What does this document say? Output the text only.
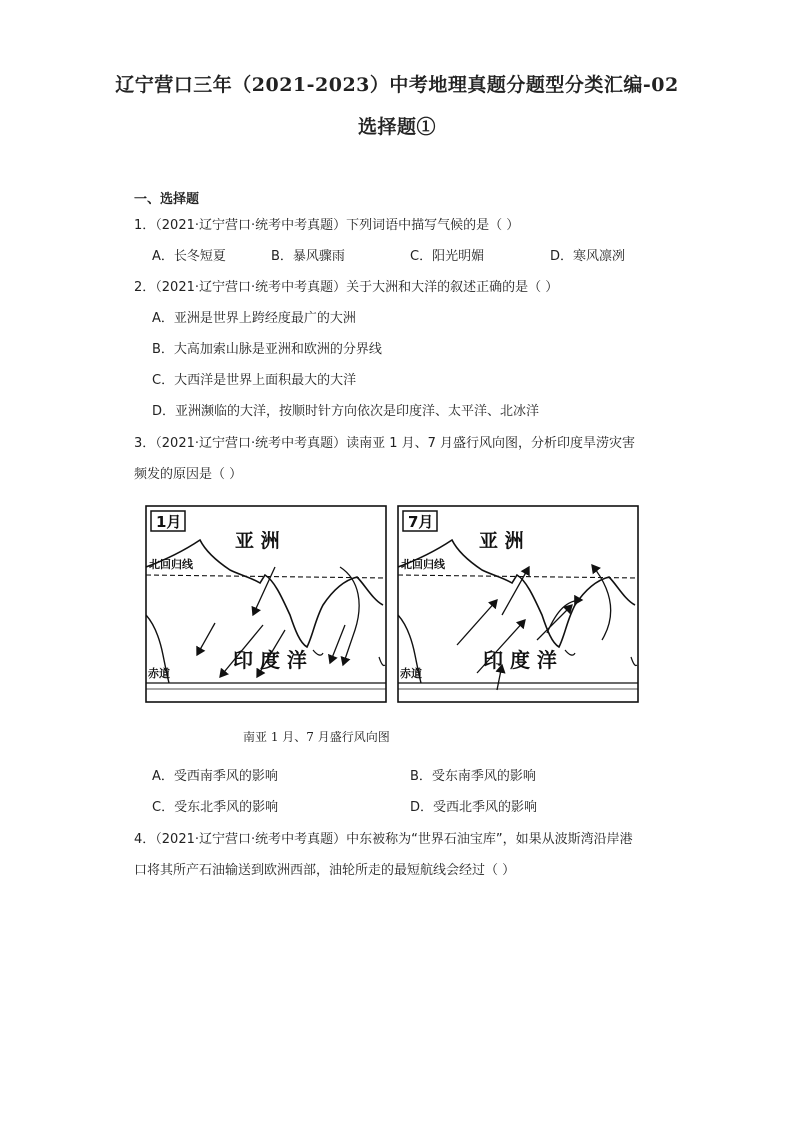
辽宁营口三年（2021-2023）中考地理真题分题型分类汇编-02
选择题①
一、选择题
1．（2021·辽宁营口·统考中考真题）下列词语中描写气候的是（ ）
A．长冬短夏	B．暴风骤雨	C．阳光明媚	D．寒风凛冽
2．（2021·辽宁营口·统考中考真题）关于大洲和大洋的叙述正确的是（ ）
A．亚洲是世界上跨经度最广的大洲
B．大高加索山脉是亚洲和欧洲的分界线
C．大西洋是世界上面积最大的大洋
D．亚洲濒临的大洋，按顺时针方向依次是印度洋、太平洋、北冰洋
3．（2021·辽宁营口·统考中考真题）读南亚 1 月、7 月盛行风向图，分析印度旱涝灾害
频发的原因是（ ）
1月
亚 洲
北回归线
赤道
印 度 洋
7月
亚 洲
北回归线
赤道
印 度 洋
南亚 1 月、7 月盛行风向图
A．受西南季风的影响	B．受东南季风的影响
C．受东北季风的影响	D．受西北季风的影响
4．（2021·辽宁营口·统考中考真题）中东被称为“世界石油宝库”，如果从波斯湾沿岸港
口将其所产石油输送到欧洲西部，油轮所走的最短航线会经过（ ）
